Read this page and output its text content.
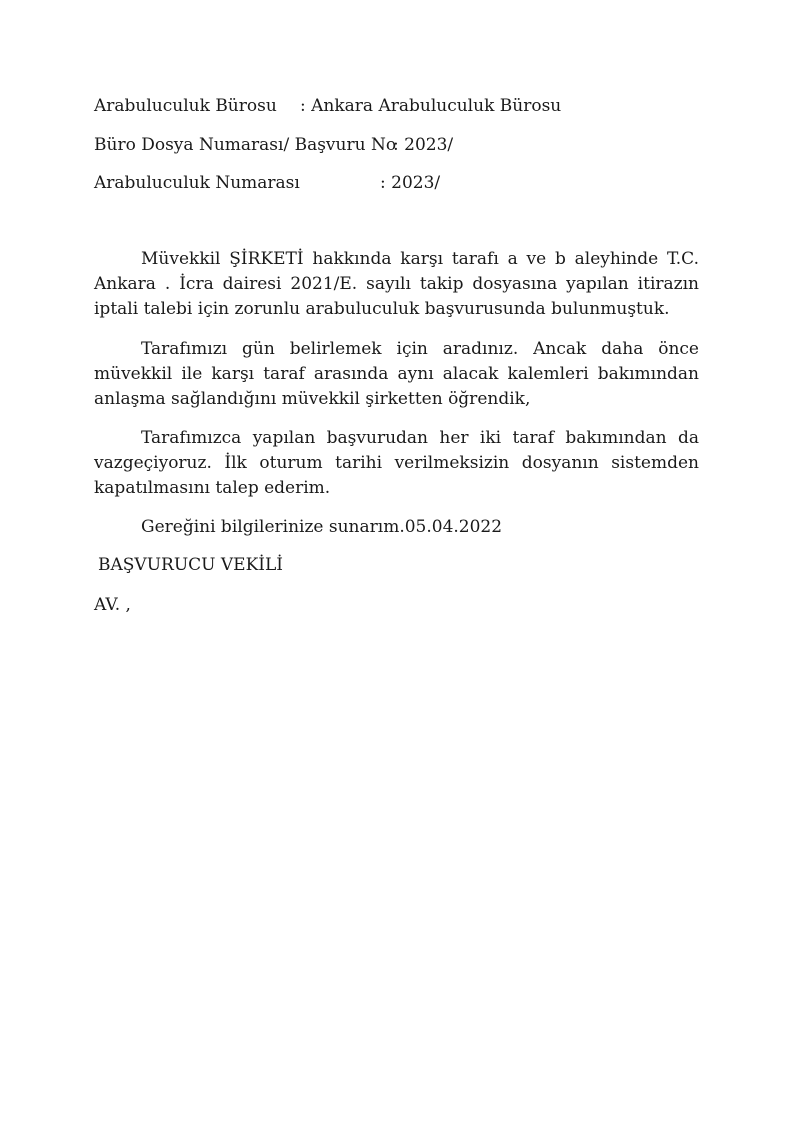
Arabuluculuk Bürosu : Ankara Arabuluculuk Bürosu
Büro Dosya Numarası/ Başvuru No
: 2023/
Arabuluculuk Numarası	: 2023/

Müvekkil ŞİRKETİ hakkında karşı tarafı a ve b aleyhinde T.C. Ankara . İcra dairesi 2021/E. sayılı takip dosyasına yapılan itirazın iptali talebi için zorunlu arabuluculuk başvurusunda bulunmuştuk.

Tarafımızı gün belirlemek için aradınız. Ancak daha önce müvekkil ile karşı taraf arasında aynı alacak kalemleri bakımından anlaşma sağlandığını müvekkil şirketten öğrendik,

Tarafımızca yapılan başvurudan her iki taraf bakımından da vazgeçiyoruz. İlk oturum tarihi verilmeksizin dosyanın sistemden kapatılmasını talep ederim.

Gereğini bilgilerinize sunarım.05.04.2022
BAŞVURUCU VEKİLİ
AV. ,
